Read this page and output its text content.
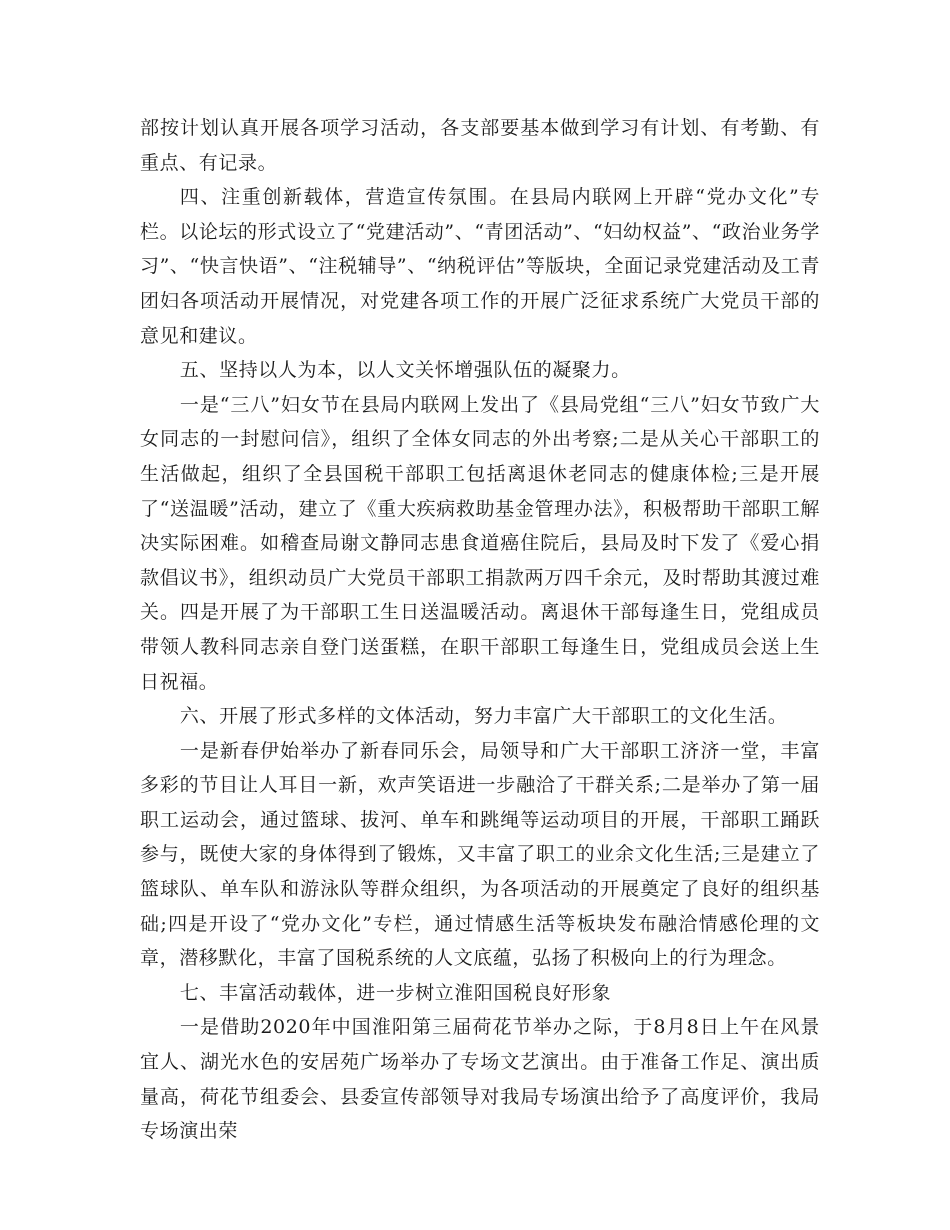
部按计划认真开展各项学习活动，各支部要基本做到学习有计划、有考勤、有重点、有记录。

四、注重创新载体，营造宣传氛围。在县局内联网上开辟“党办文化”专栏。以论坛的形式设立了“党建活动”、“青团活动”、“妇幼权益”、“政治业务学习”、“快言快语”、“注税辅导”、“纳税评估”等版块，全面记录党建活动及工青团妇各项活动开展情况，对党建各项工作的开展广泛征求系统广大党员干部的意见和建议。

五、坚持以人为本，以人文关怀增强队伍的凝聚力。

一是“三八”妇女节在县局内联网上发出了《县局党组“三八”妇女节致广大女同志的一封慰问信》，组织了全体女同志的外出考察;二是从关心干部职工的生活做起，组织了全县国税干部职工包括离退休老同志的健康体检;三是开展了“送温暖”活动，建立了《重大疾病救助基金管理办法》，积极帮助干部职工解决实际困难。如稽查局谢文静同志患食道癌住院后，县局及时下发了《爱心捐款倡议书》，组织动员广大党员干部职工捐款两万四千余元，及时帮助其渡过难关。四是开展了为干部职工生日送温暖活动。离退休干部每逢生日，党组成员带领人教科同志亲自登门送蛋糕，在职干部职工每逢生日，党组成员会送上生日祝福。

六、开展了形式多样的文体活动，努力丰富广大干部职工的文化生活。

一是新春伊始举办了新春同乐会，局领导和广大干部职工济济一堂，丰富多彩的节目让人耳目一新，欢声笑语进一步融洽了干群关系;二是举办了第一届职工运动会，通过篮球、拔河、单车和跳绳等运动项目的开展，干部职工踊跃参与，既使大家的身体得到了锻炼，又丰富了职工的业余文化生活;三是建立了篮球队、单车队和游泳队等群众组织，为各项活动的开展奠定了良好的组织基础;四是开设了“党办文化”专栏，通过情感生活等板块发布融洽情感伦理的文章，潜移默化，丰富了国税系统的人文底蕴，弘扬了积极向上的行为理念。

七、丰富活动载体，进一步树立淮阳国税良好形象

一是借助2020年中国淮阳第三届荷花节举办之际，于8月8日上午在风景宜人、湖光水色的安居苑广场举办了专场文艺演出。由于准备工作足、演出质量高，荷花节组委会、县委宣传部领导对我局专场演出给予了高度评价，我局专场演出荣
